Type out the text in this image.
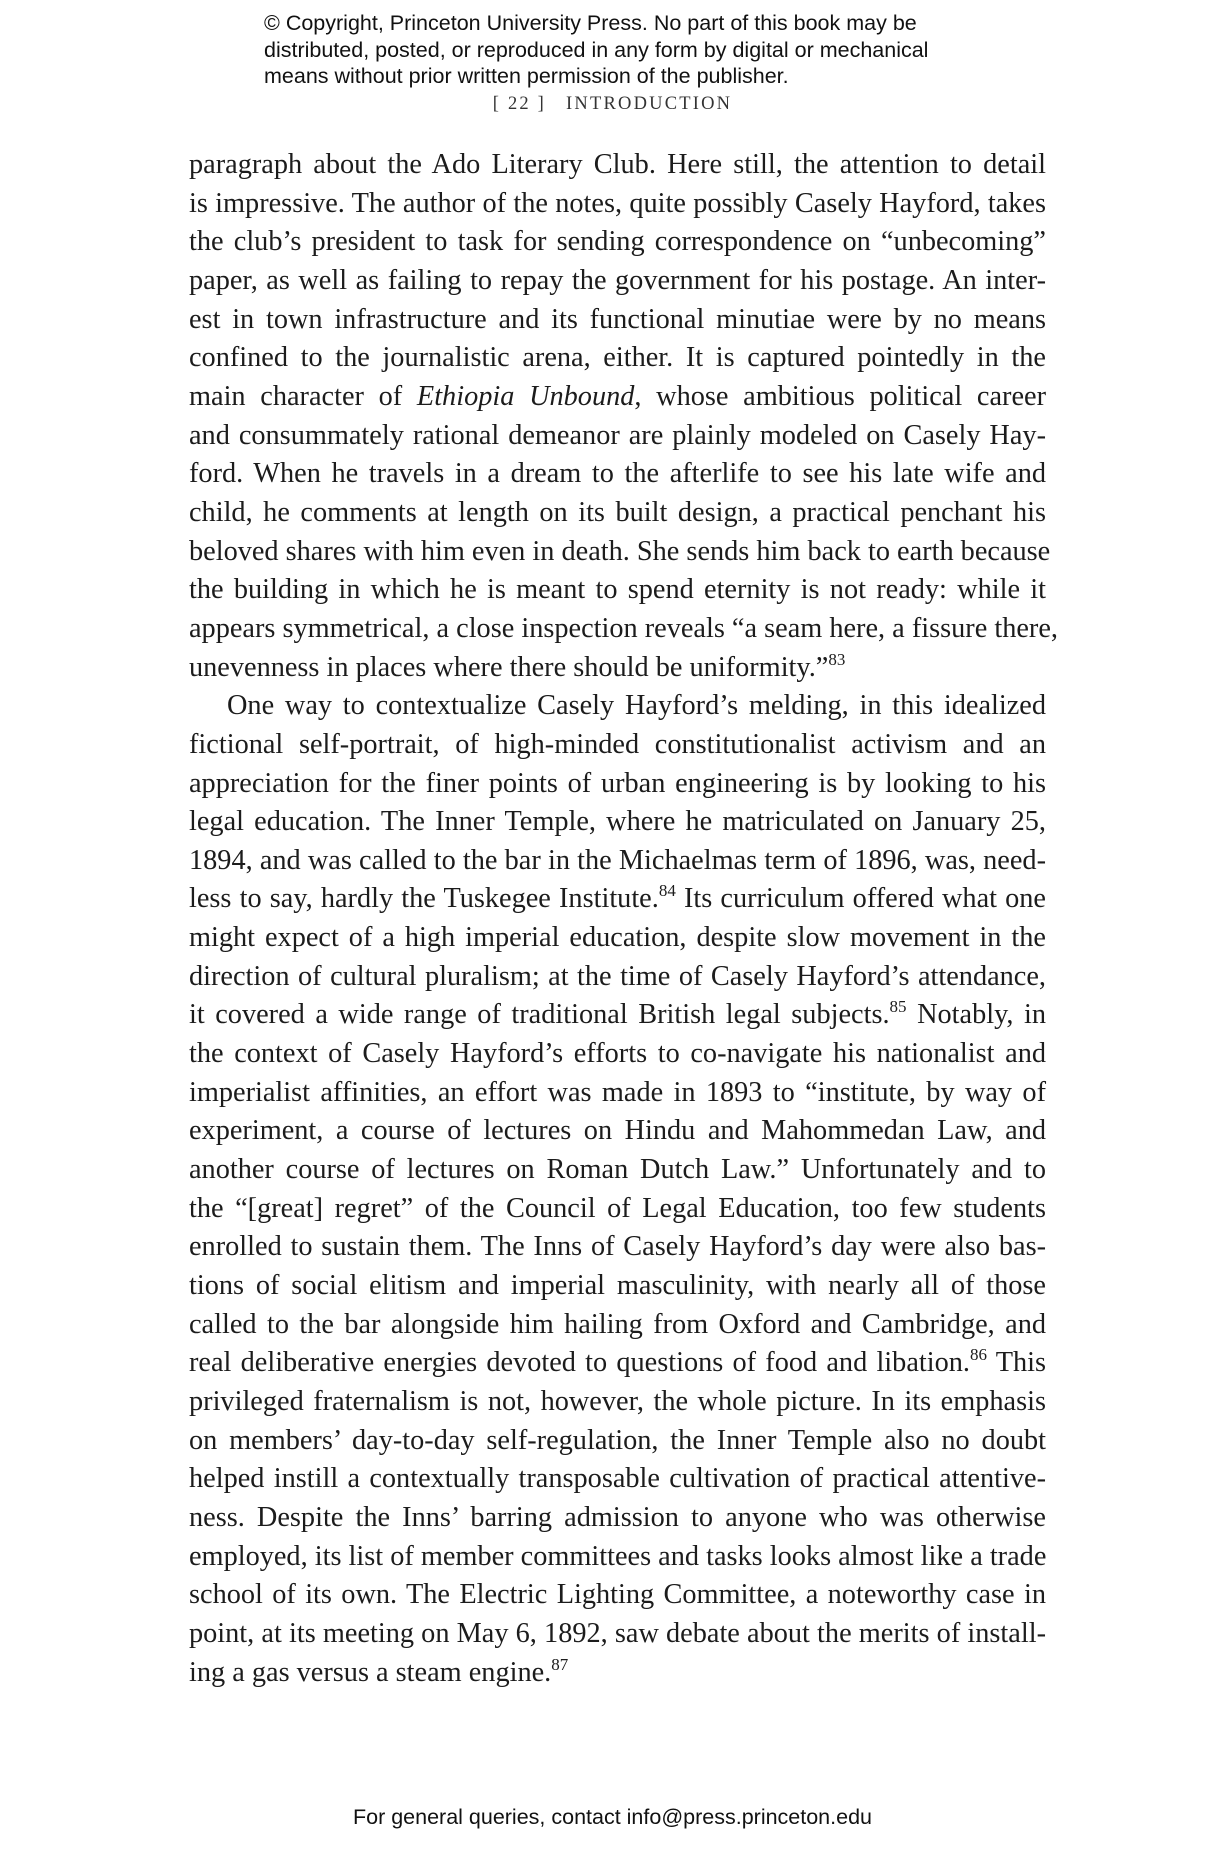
© Copyright, Princeton University Press. No part of this book may be
distributed, posted, or reproduced in any form by digital or mechanical
means without prior written permission of the publisher.
[ 22 ] INTRODUCTION

paragraph about the Ado Literary Club. Here still, the attention to detail
is impressive. The author of the notes, quite possibly Casely Hayford, takes
the club’s president to task for sending correspondence on “unbecoming”
paper, as well as failing to repay the government for his postage. An inter-
est in town infrastructure and its functional minutiae were by no means
confined to the journalistic arena, either. It is captured pointedly in the
main character of Ethiopia Unbound, whose ambitious political career
and consummately rational demeanor are plainly modeled on Casely Hay-
ford. When he travels in a dream to the afterlife to see his late wife and
child, he comments at length on its built design, a practical penchant his
beloved shares with him even in death. She sends him back to earth because
the building in which he is meant to spend eternity is not ready: while it
appears symmetrical, a close inspection reveals “a seam here, a fissure there,
unevenness in places where there should be uniformity.”$^{83}$

One way to contextualize Casely Hayford’s melding, in this idealized
fictional self-portrait, of high-minded constitutionalist activism and an
appreciation for the finer points of urban engineering is by looking to his
legal education. The Inner Temple, where he matriculated on January 25,
1894, and was called to the bar in the Michaelmas term of 1896, was, need-
less to say, hardly the Tuskegee Institute.$^{84}$ Its curriculum offered what one
might expect of a high imperial education, despite slow movement in the
direction of cultural pluralism; at the time of Casely Hayford’s attendance,
it covered a wide range of traditional British legal subjects.$^{85}$ Notably, in
the context of Casely Hayford’s efforts to co-navigate his nationalist and
imperialist affinities, an effort was made in 1893 to “institute, by way of
experiment, a course of lectures on Hindu and Mahommedan Law, and
another course of lectures on Roman Dutch Law.” Unfortunately and to
the “[great] regret” of the Council of Legal Education, too few students
enrolled to sustain them. The Inns of Casely Hayford’s day were also bas-
tions of social elitism and imperial masculinity, with nearly all of those
called to the bar alongside him hailing from Oxford and Cambridge, and
real deliberative energies devoted to questions of food and libation.$^{86}$ This
privileged fraternalism is not, however, the whole picture. In its emphasis
on members’ day-to-day self-regulation, the Inner Temple also no doubt
helped instill a contextually transposable cultivation of practical attentive-
ness. Despite the Inns’ barring admission to anyone who was otherwise
employed, its list of member committees and tasks looks almost like a trade
school of its own. The Electric Lighting Committee, a noteworthy case in
point, at its meeting on May 6, 1892, saw debate about the merits of install-
ing a gas versus a steam engine.$^{87}$

For general queries, contact info@press.princeton.edu
